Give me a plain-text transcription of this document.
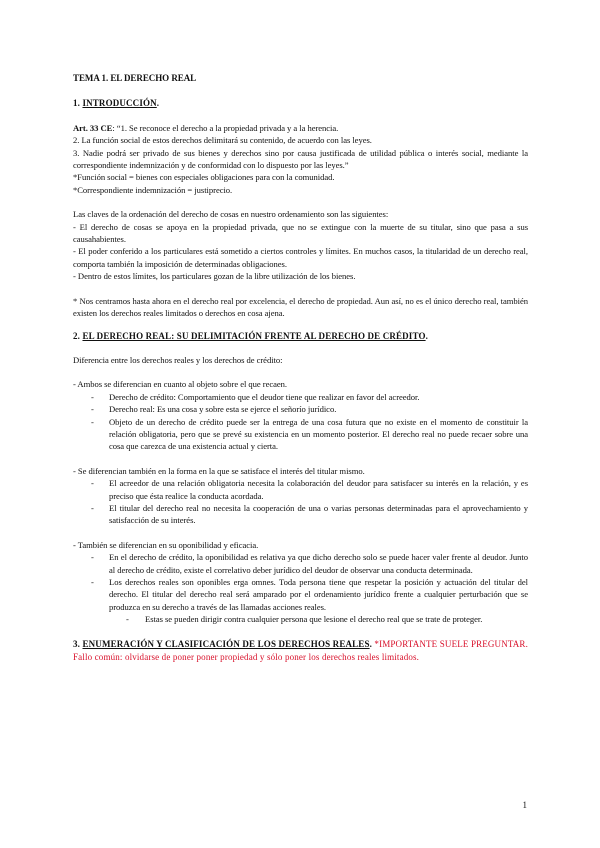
TEMA 1. EL DERECHO REAL

1. INTRODUCCIÓN.

Art. 33 CE: “1. Se reconoce el derecho a la propiedad privada y a la herencia.

2. La función social de estos derechos delimitará su contenido, de acuerdo con las leyes.

3. Nadie podrá ser privado de sus bienes y derechos sino por causa justificada de utilidad pública o interés social, mediante la correspondiente indemnización y de conformidad con lo dispuesto por las leyes.”

*Función social = bienes con especiales obligaciones para con la comunidad.

*Correspondiente indemnización = justiprecio.

Las claves de la ordenación del derecho de cosas en nuestro ordenamiento son las siguientes:

- El derecho de cosas se apoya en la propiedad privada, que no se extingue con la muerte de su titular, sino que pasa a sus causahabientes.

- El poder conferido a los particulares está sometido a ciertos controles y límites. En muchos casos, la titularidad de un derecho real, comporta también la imposición de determinadas obligaciones.

- Dentro de estos límites, los particulares gozan de la libre utilización de los bienes.

* Nos centramos hasta ahora en el derecho real por excelencia, el derecho de propiedad. Aun así, no es el único derecho real, también existen los derechos reales limitados o derechos en cosa ajena.

2. EL DERECHO REAL: SU DELIMITACIÓN FRENTE AL DERECHO DE CRÉDITO.

Diferencia entre los derechos reales y los derechos de crédito:

- Ambos se diferencian en cuanto al objeto sobre el que recaen.

- Derecho de crédito: Comportamiento que el deudor tiene que realizar en favor del acreedor.
- Derecho real: Es una cosa y sobre esta se ejerce el señorío jurídico.
- Objeto de un derecho de crédito puede ser la entrega de una cosa futura que no existe en el momento de constituir la relación obligatoria, pero que se prevé su existencia en un momento posterior. El derecho real no puede recaer sobre una cosa que carezca de una existencia actual y cierta.

- Se diferencian también en la forma en la que se satisface el interés del titular mismo.

- El acreedor de una relación obligatoria necesita la colaboración del deudor para satisfacer su interés en la relación, y es preciso que ésta realice la conducta acordada.
- El titular del derecho real no necesita la cooperación de una o varias personas determinadas para el aprovechamiento y satisfacción de su interés.

- También se diferencian en su oponibilidad y eficacia.

- En el derecho de crédito, la oponibilidad es relativa ya que dicho derecho solo se puede hacer valer frente al deudor. Junto al derecho de crédito, existe el correlativo deber jurídico del deudor de observar una conducta determinada.
- Los derechos reales son oponibles erga omnes. Toda persona tiene que respetar la posición y actuación del titular del derecho. El titular del derecho real será amparado por el ordenamiento jurídico frente a cualquier perturbación que se produzca en su derecho a través de las llamadas acciones reales.
- Estas se pueden dirigir contra cualquier persona que lesione el derecho real que se trate de proteger.

3. ENUMERACIÓN Y CLASIFICACIÓN DE LOS DERECHOS REALES. *IMPORTANTE SUELE PREGUNTAR. Fallo común: olvidarse de poner poner propiedad y sólo poner los derechos reales limitados.

1
